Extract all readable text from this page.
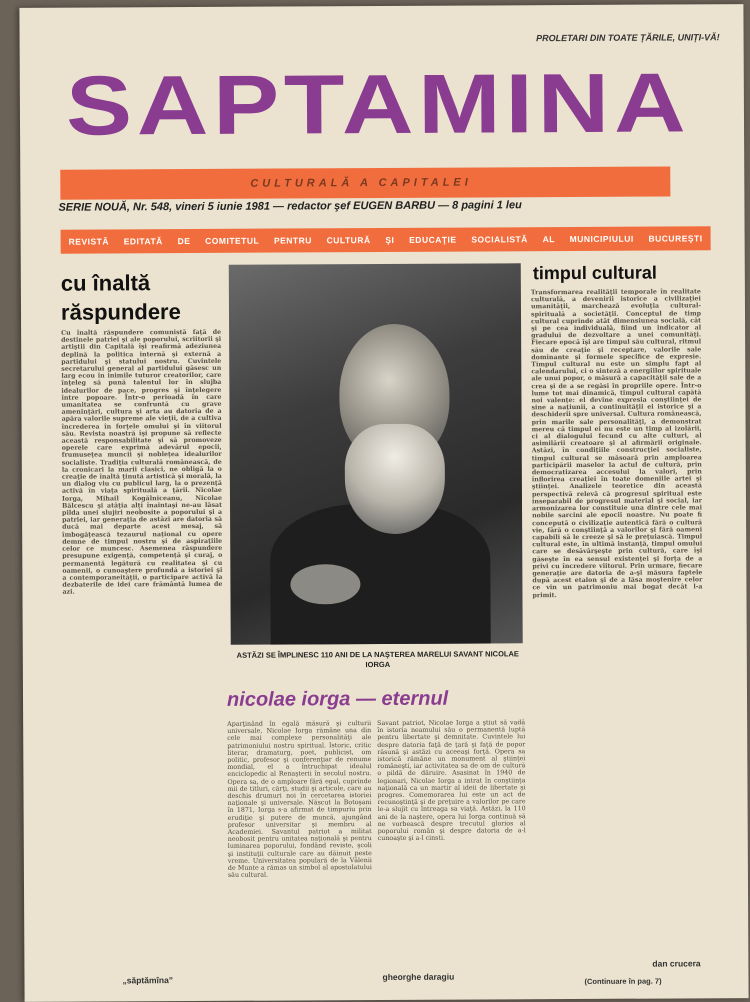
PROLETARI DIN TOATE ȚĂRILE, UNIȚI-VĂ!
SAPTAMINA
CULTURALĂ A CAPITALEI
SERIE NOUĂ, Nr. 548, vineri 5 iunie 1981 — redactor şef EUGEN BARBU — 8 pagini 1 leu
REVISTĂ EDITATĂ DE COMITETUL PENTRU CULTURĂ ŞI EDUCAŢIE SOCIALISTĂ AL MUNICIPIULUI BUCUREŞTI
cu înaltă răspundere
Cu înaltă răspundere comunistă faţă de destinele patriei şi ale poporului, scriitorii şi artiştii din Capitală îşi reafirmă adeziunea deplină la politica internă şi externă a partidului şi statului nostru. Cuvintele secretarului general al partidului găsesc un larg ecou în inimile tuturor creatorilor, care înţeleg să pună talentul lor în slujba idealurilor de pace, progres şi înţelegere între popoare. Într-o perioadă în care umanitatea se confruntă cu grave ameninţări, cultura şi arta au datoria de a apăra valorile supreme ale vieţii, de a cultiva încrederea în forţele omului şi în viitorul său. Revista noastră îşi propune să reflecte această responsabilitate şi să promoveze operele care exprimă adevărul epocii, frumuseţea muncii şi nobleţea idealurilor socialiste. Tradiţia culturală românească, de la cronicari la marii clasici, ne obligă la o creaţie de înaltă ţinută artistică şi morală, la un dialog viu cu publicul larg, la o prezenţă activă în viaţa spirituală a ţării. Nicolae Iorga, Mihail Kogălniceanu, Nicolae Bălcescu şi atâţia alţi înaintaşi ne-au lăsat pilda unei slujiri neobosite a poporului şi a patriei, iar generaţia de astăzi are datoria să ducă mai departe acest mesaj, să îmbogăţească tezaurul naţional cu opere demne de timpul nostru şi de aspiraţiile celor ce muncesc. Asemenea răspundere presupune exigenţă, competenţă şi curaj, o permanentă legătură cu realitatea şi cu oamenii, o cunoaştere profundă a istoriei şi a contemporaneităţii, o participare activă la dezbaterile de idei care frământă lumea de azi.
„săptămîna”
ASTĂZI SE ÎMPLINESC 110 ANI DE LA NAŞTEREA MARELUI SAVANT NICOLAE IORGA
timpul cultural
Transformarea realităţii temporale în realitate culturală, a devenirii istorice a civilizaţiei umanităţii, marchează evoluţia cultural-spirituală a societăţii. Conceptul de timp cultural cuprinde atât dimensiunea socială, cât şi pe cea individuală, fiind un indicator al gradului de dezvoltare a unei comunităţi. Fiecare epocă îşi are timpul său cultural, ritmul său de creaţie şi receptare, valorile sale dominante şi formele specifice de expresie. Timpul cultural nu este un simplu fapt al calendarului, ci o sinteză a energiilor spirituale ale unui popor, o măsură a capacităţii sale de a crea şi de a se regăsi în propriile opere. Într-o lume tot mai dinamică, timpul cultural capătă noi valenţe: el devine expresia conştiinţei de sine a naţiunii, a continuităţii ei istorice şi a deschiderii spre universal. Cultura românească, prin marile sale personalităţi, a demonstrat mereu că timpul ei nu este un timp al izolării, ci al dialogului fecund cu alte culturi, al asimilării creatoare şi al afirmării originale. Astăzi, în condiţiile construcţiei socialiste, timpul cultural se măsoară prin amploarea participării maselor la actul de cultură, prin democratizarea accesului la valori, prin înflorirea creaţiei în toate domeniile artei şi ştiinţei. Analizele teoretice din această perspectivă relevă că progresul spiritual este inseparabil de progresul material şi social, iar armonizarea lor constituie una dintre cele mai nobile sarcini ale epocii noastre. Nu poate fi concepută o civilizaţie autentică fără o cultură vie, fără o conştiinţă a valorilor şi fără oameni capabili să le creeze şi să le preţuiască. Timpul cultural este, în ultimă instanţă, timpul omului care se desăvârşeşte prin cultură, care îşi găseşte în ea sensul existenţei şi forţa de a privi cu încredere viitorul. Prin urmare, fiecare generaţie are datoria de a-şi măsura faptele după acest etalon şi de a lăsa moştenire celor ce vin un patrimoniu mai bogat decât l-a primit.
dan crucera
(Continuare în pag. 7)
nicolae iorga — eternul
Aparţinând în egală măsură şi culturii universale, Nicolae Iorga rămâne una din cele mai complexe personalităţi ale patrimoniului nostru spiritual. Istoric, critic literar, dramaturg, poet, publicist, om politic, profesor şi conferenţiar de renume mondial, el a întruchipat idealul enciclopedic al Renaşterii în secolul nostru. Opera sa, de o amploare fără egal, cuprinde mii de titluri, cărţi, studii şi articole, care au deschis drumuri noi în cercetarea istoriei naţionale şi universale. Născut la Botoşani în 1871, Iorga s-a afirmat de timpuriu prin erudiţie şi putere de muncă, ajungând profesor universitar şi membru al Academiei. Savantul patriot a militat neobosit pentru unitatea naţională şi pentru luminarea poporului, fondând reviste, şcoli şi instituţii culturale care au dăinuit peste vreme. Universitatea populară de la Vălenii de Munte a rămas un simbol al apostolatului său cultural.
Savant patriot, Nicolae Iorga a ştiut să vadă în istoria neamului său o permanentă luptă pentru libertate şi demnitate. Cuvintele lui despre datoria faţă de ţară şi faţă de popor răsună şi astăzi cu aceeaşi forţă. Opera sa istorică rămâne un monument al ştiinţei româneşti, iar activitatea sa de om de cultură o pildă de dăruire. Asasinat în 1940 de legionari, Nicolae Iorga a intrat în conştiinţa naţională ca un martir al ideii de libertate şi progres. Comemorarea lui este un act de recunoştinţă şi de preţuire a valorilor pe care le-a slujit cu întreaga sa viaţă. Astăzi, la 110 ani de la naştere, opera lui Iorga continuă să ne vorbească despre trecutul glorios al poporului român şi despre datoria de a-l cunoaşte şi a-l cinsti.
gheorghe daragiu
